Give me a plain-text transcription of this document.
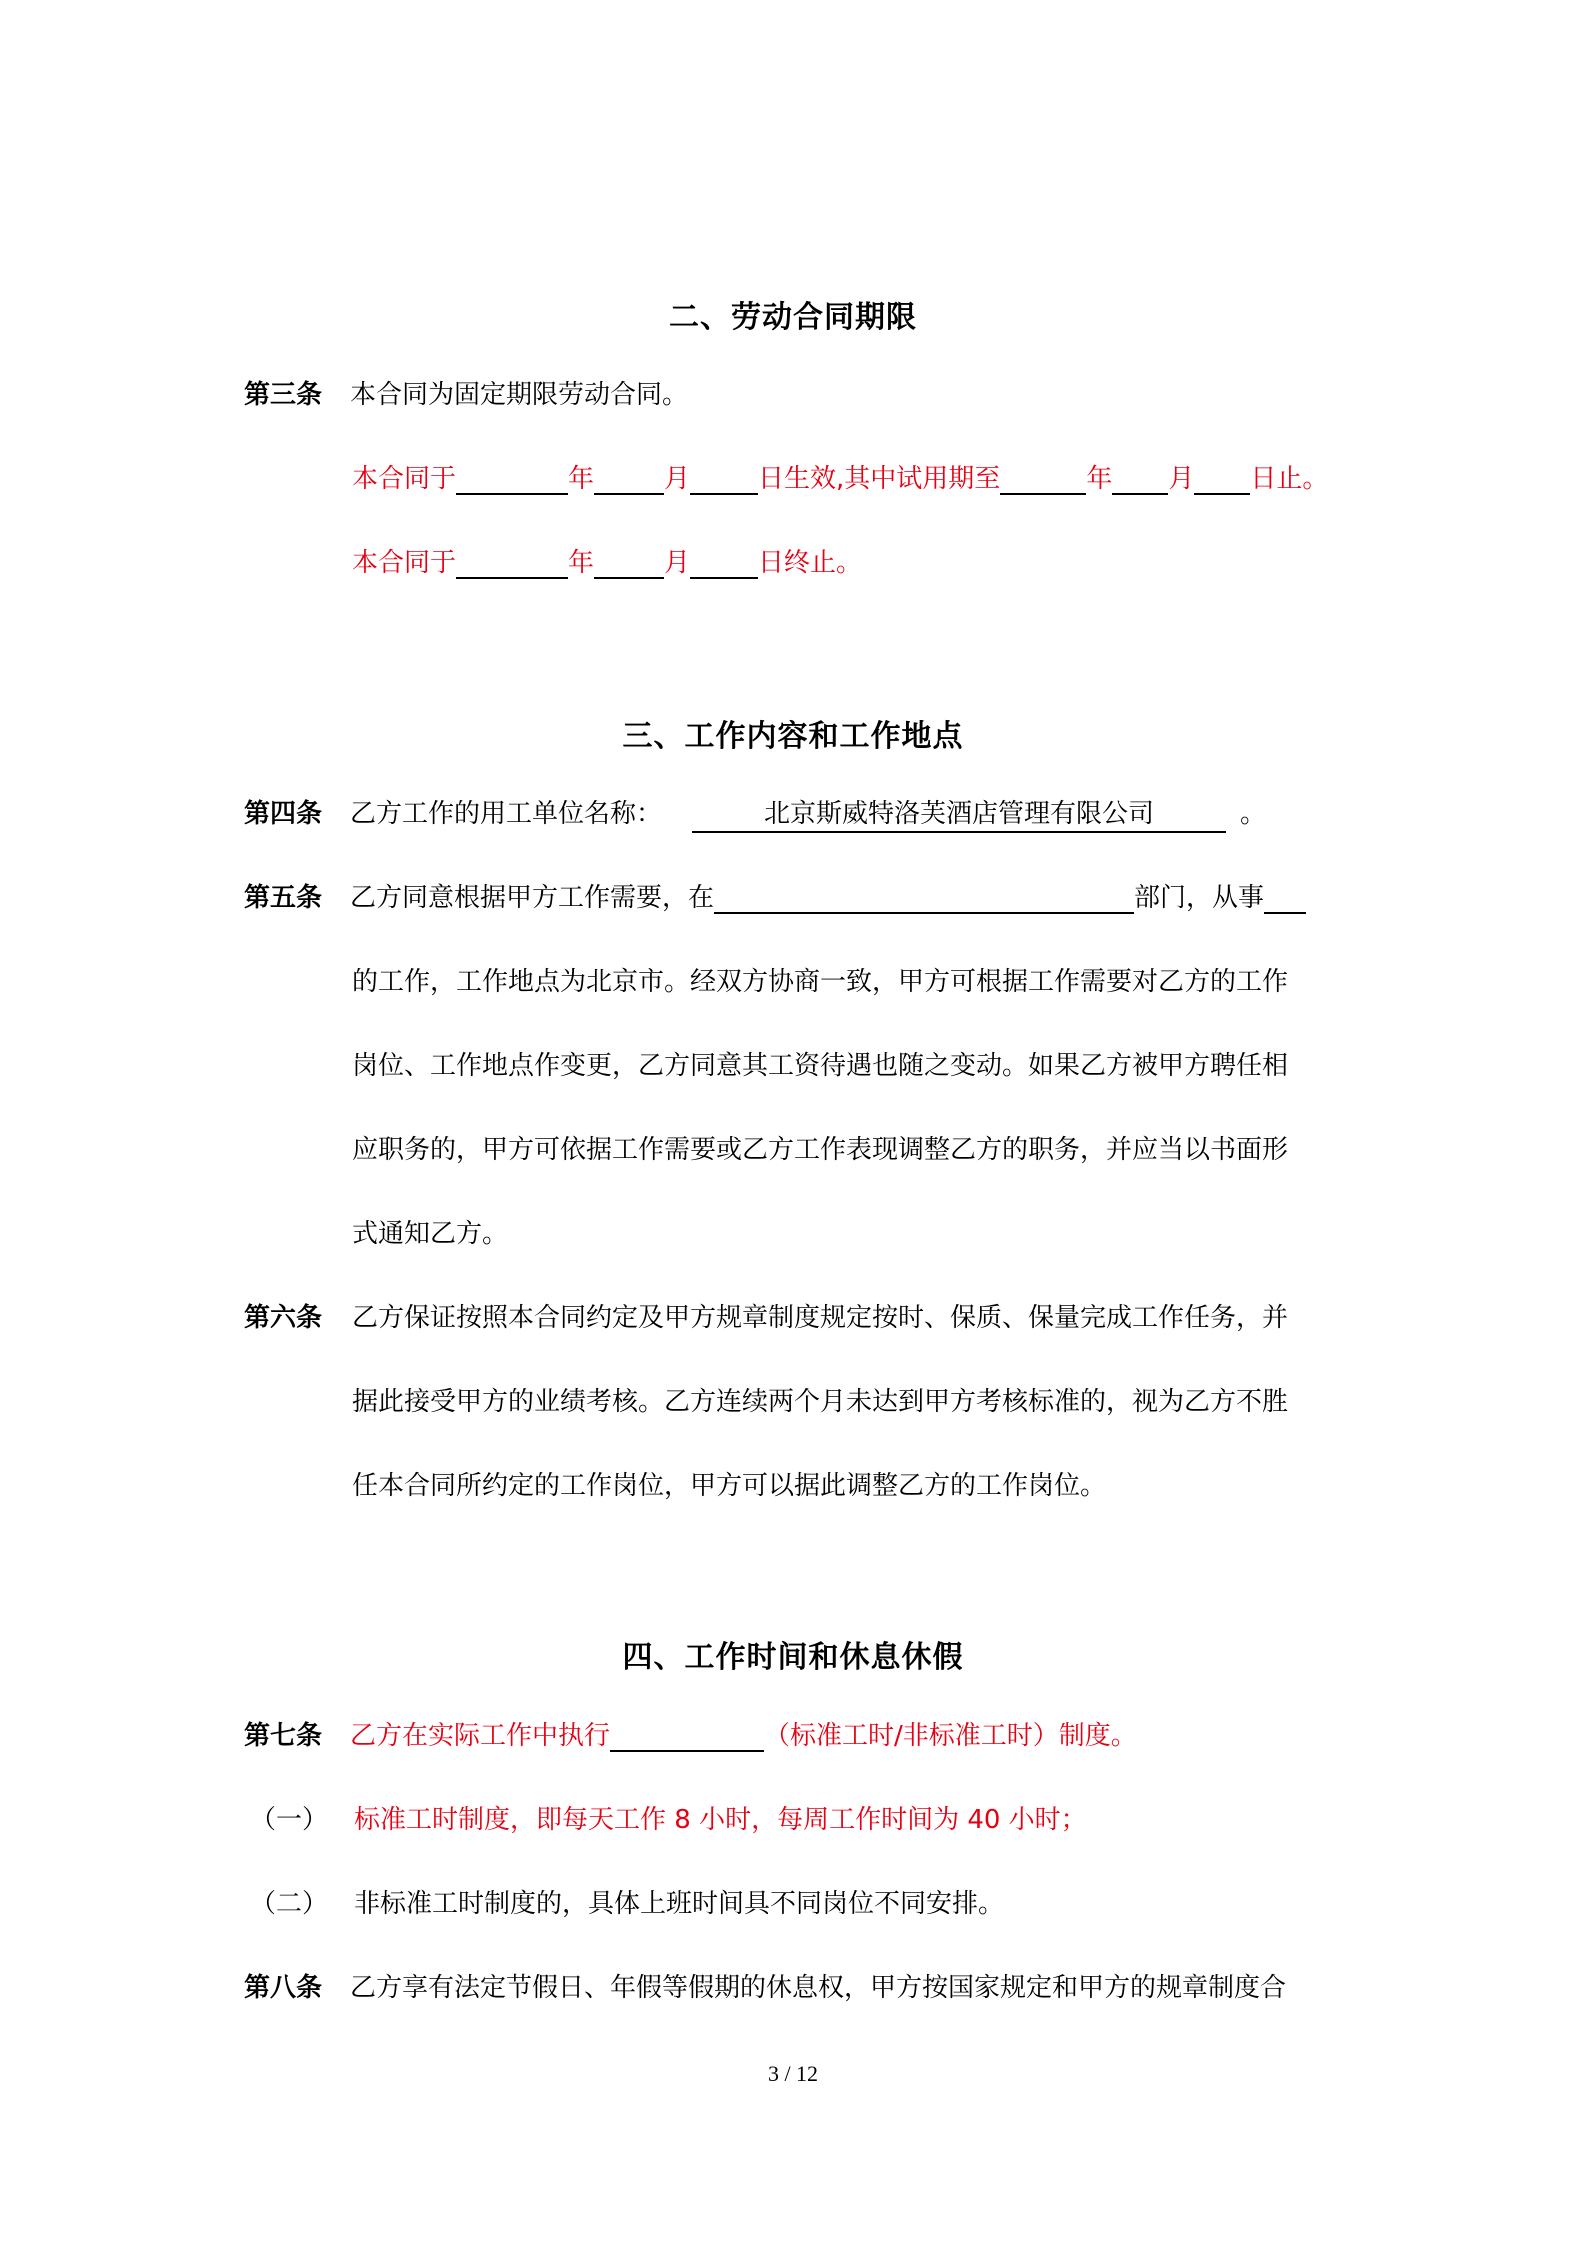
二、劳动合同期限
第三条 本合同为固定期限劳动合同。
本合同于	年	月	日生效,其中试用期至	年 月 日止。
本合同于	年	月	日终止。
三、工作内容和工作地点
第四条 乙方工作的用工单位名称：	北京斯威特洛芙酒店管理有限公司	。
第五条 乙方同意根据甲方工作需要，在	部门，从事
的工作，工作地点为北京市。经双方协商一致，甲方可根据工作需要对乙方的工作
岗位、工作地点作变更，乙方同意其工资待遇也随之变动。如果乙方被甲方聘任相
应职务的，甲方可依据工作需要或乙方工作表现调整乙方的职务，并应当以书面形
式通知乙方。
第六条 乙方保证按照本合同约定及甲方规章制度规定按时、保质、保量完成工作任务，并
据此接受甲方的业绩考核。乙方连续两个月未达到甲方考核标准的，视为乙方不胜
任本合同所约定的工作岗位，甲方可以据此调整乙方的工作岗位。
四、工作时间和休息休假
第七条 乙方在实际工作中执行	（标准工时/非标准工时）制度。
（一） 标准工时制度，即每天工作 8 小时，每周工作时间为 40 小时；
（二） 非标准工时制度的，具体上班时间具不同岗位不同安排。
第八条 乙方享有法定节假日、年假等假期的休息权，甲方按国家规定和甲方的规章制度合
3 / 12
